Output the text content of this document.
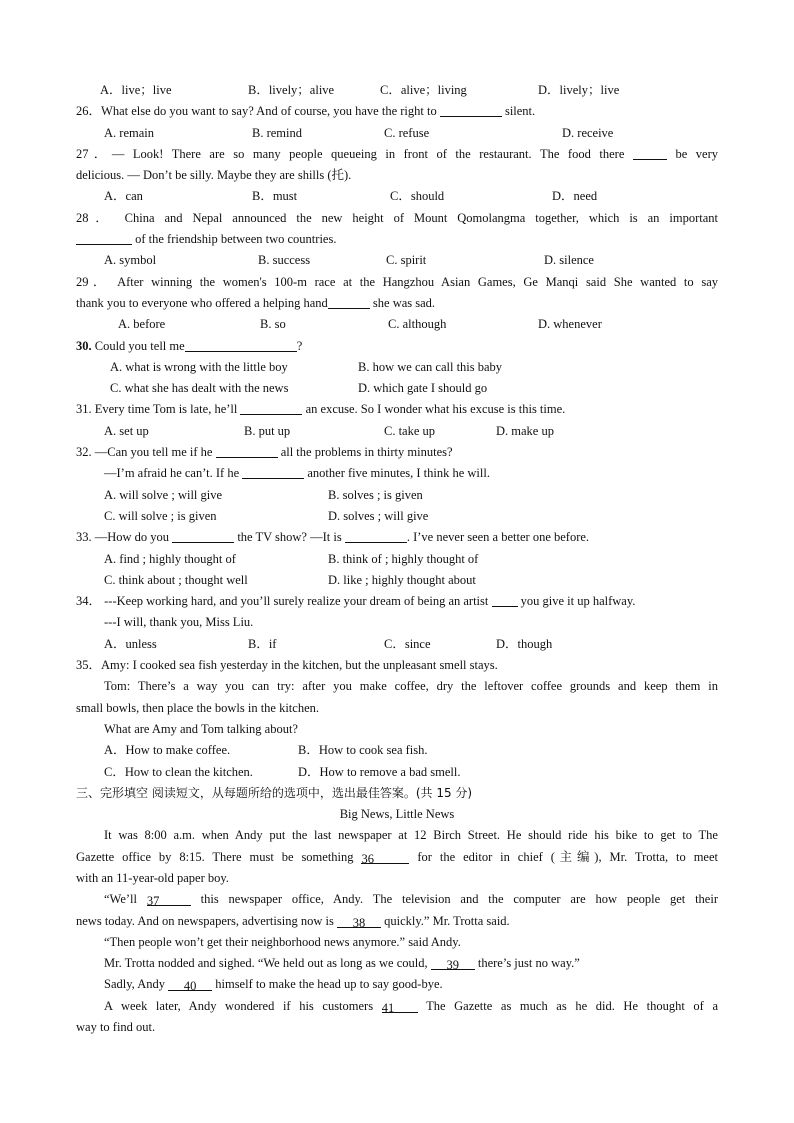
A．live；live	B．lively；alive	C．alive；living	D．lively；live
26．What else do you want to say? And of course, you have the right to	silent.
A. remain	B. remind	C. refuse	D. receive
27．— Look! There are so many people queueing in front of the restaurant. The food there	be very
delicious. — Don’t be silly. Maybe they are shills (托).
A．can	B．must	C．should	D．need
28． China and Nepal announced the new height of Mount Qomolangma together, which is an important
of the friendship between two countries.
A. symbol	B. success	C. spirit	D. silence
29． After winning the women's 100-m race at the Hangzhou Asian Games, Ge Manqi said She wanted to say
thank you to everyone who offered a helping hand	she was sad.
A. before	B. so	C. although	D. whenever
30. Could you tell me	?
A. what is wrong with the little boy	B. how we can call this baby
C. what she has dealt with the news	D. which gate I should go
31. Every time Tom is late, he’ll	an excuse. So I wonder what his excuse is this time.
A. set up	B. put up	C. take up	D. make up
32. —Can you tell me if he	all the problems in thirty minutes?
—I’m afraid he can’t. If he	another five minutes, I think he will.
A. will solve ; will give	B. solves ; is given
C. will solve ; is given	D. solves ; will give
33. —How do you	the TV show? —It is	. I’ve never seen a better one before.
A. find ; highly thought of	B. think of ; highly thought of
C. think about ; thought well	D. like ; highly thought about
34． ---Keep working hard, and you’ll surely realize your dream of being an artist  you give it up halfway.
---I will, thank you, Miss Liu.
A．unless	B．if	C．since	D．though
35．Amy: I cooked sea fish yesterday in the kitchen, but the unpleasant smell stays.
Tom: There’s a way you can try: after you make coffee, dry the leftover coffee grounds and keep them in
small bowls, then place the bowls in the kitchen.
What are Amy and Tom talking about?
A．How to make coffee.	B．How to cook sea fish.
C．How to clean the kitchen.	D．How to remove a bad smell.
三、完形填空 阅读短文，从每题所给的选项中，选出最佳答案。(共 15 分)
Big News, Little News
It was 8:00 a.m. when Andy put the last newspaper at 12 Birch Street. He should ride his bike to get to The
Gazette office by 8:15. There must be something 36	for the editor in chief (主编), Mr. Trotta, to meet
with an 11-year-old paper boy.
“We’ll 37	this newspaper office, Andy. The television and the computer are how people get their
news today. And on newspapers, advertising now is 38 quickly.” Mr. Trotta said.
“Then people won’t get their neighborhood news anymore.” said Andy.
Mr. Trotta nodded and sighed. “We held out as long as we could, 39 there’s just no way.”
Sadly, Andy 40 himself to make the head up to say good-bye.
A week later, Andy wondered if his customers 41 The Gazette as much as he did. He thought of a
way to find out.
